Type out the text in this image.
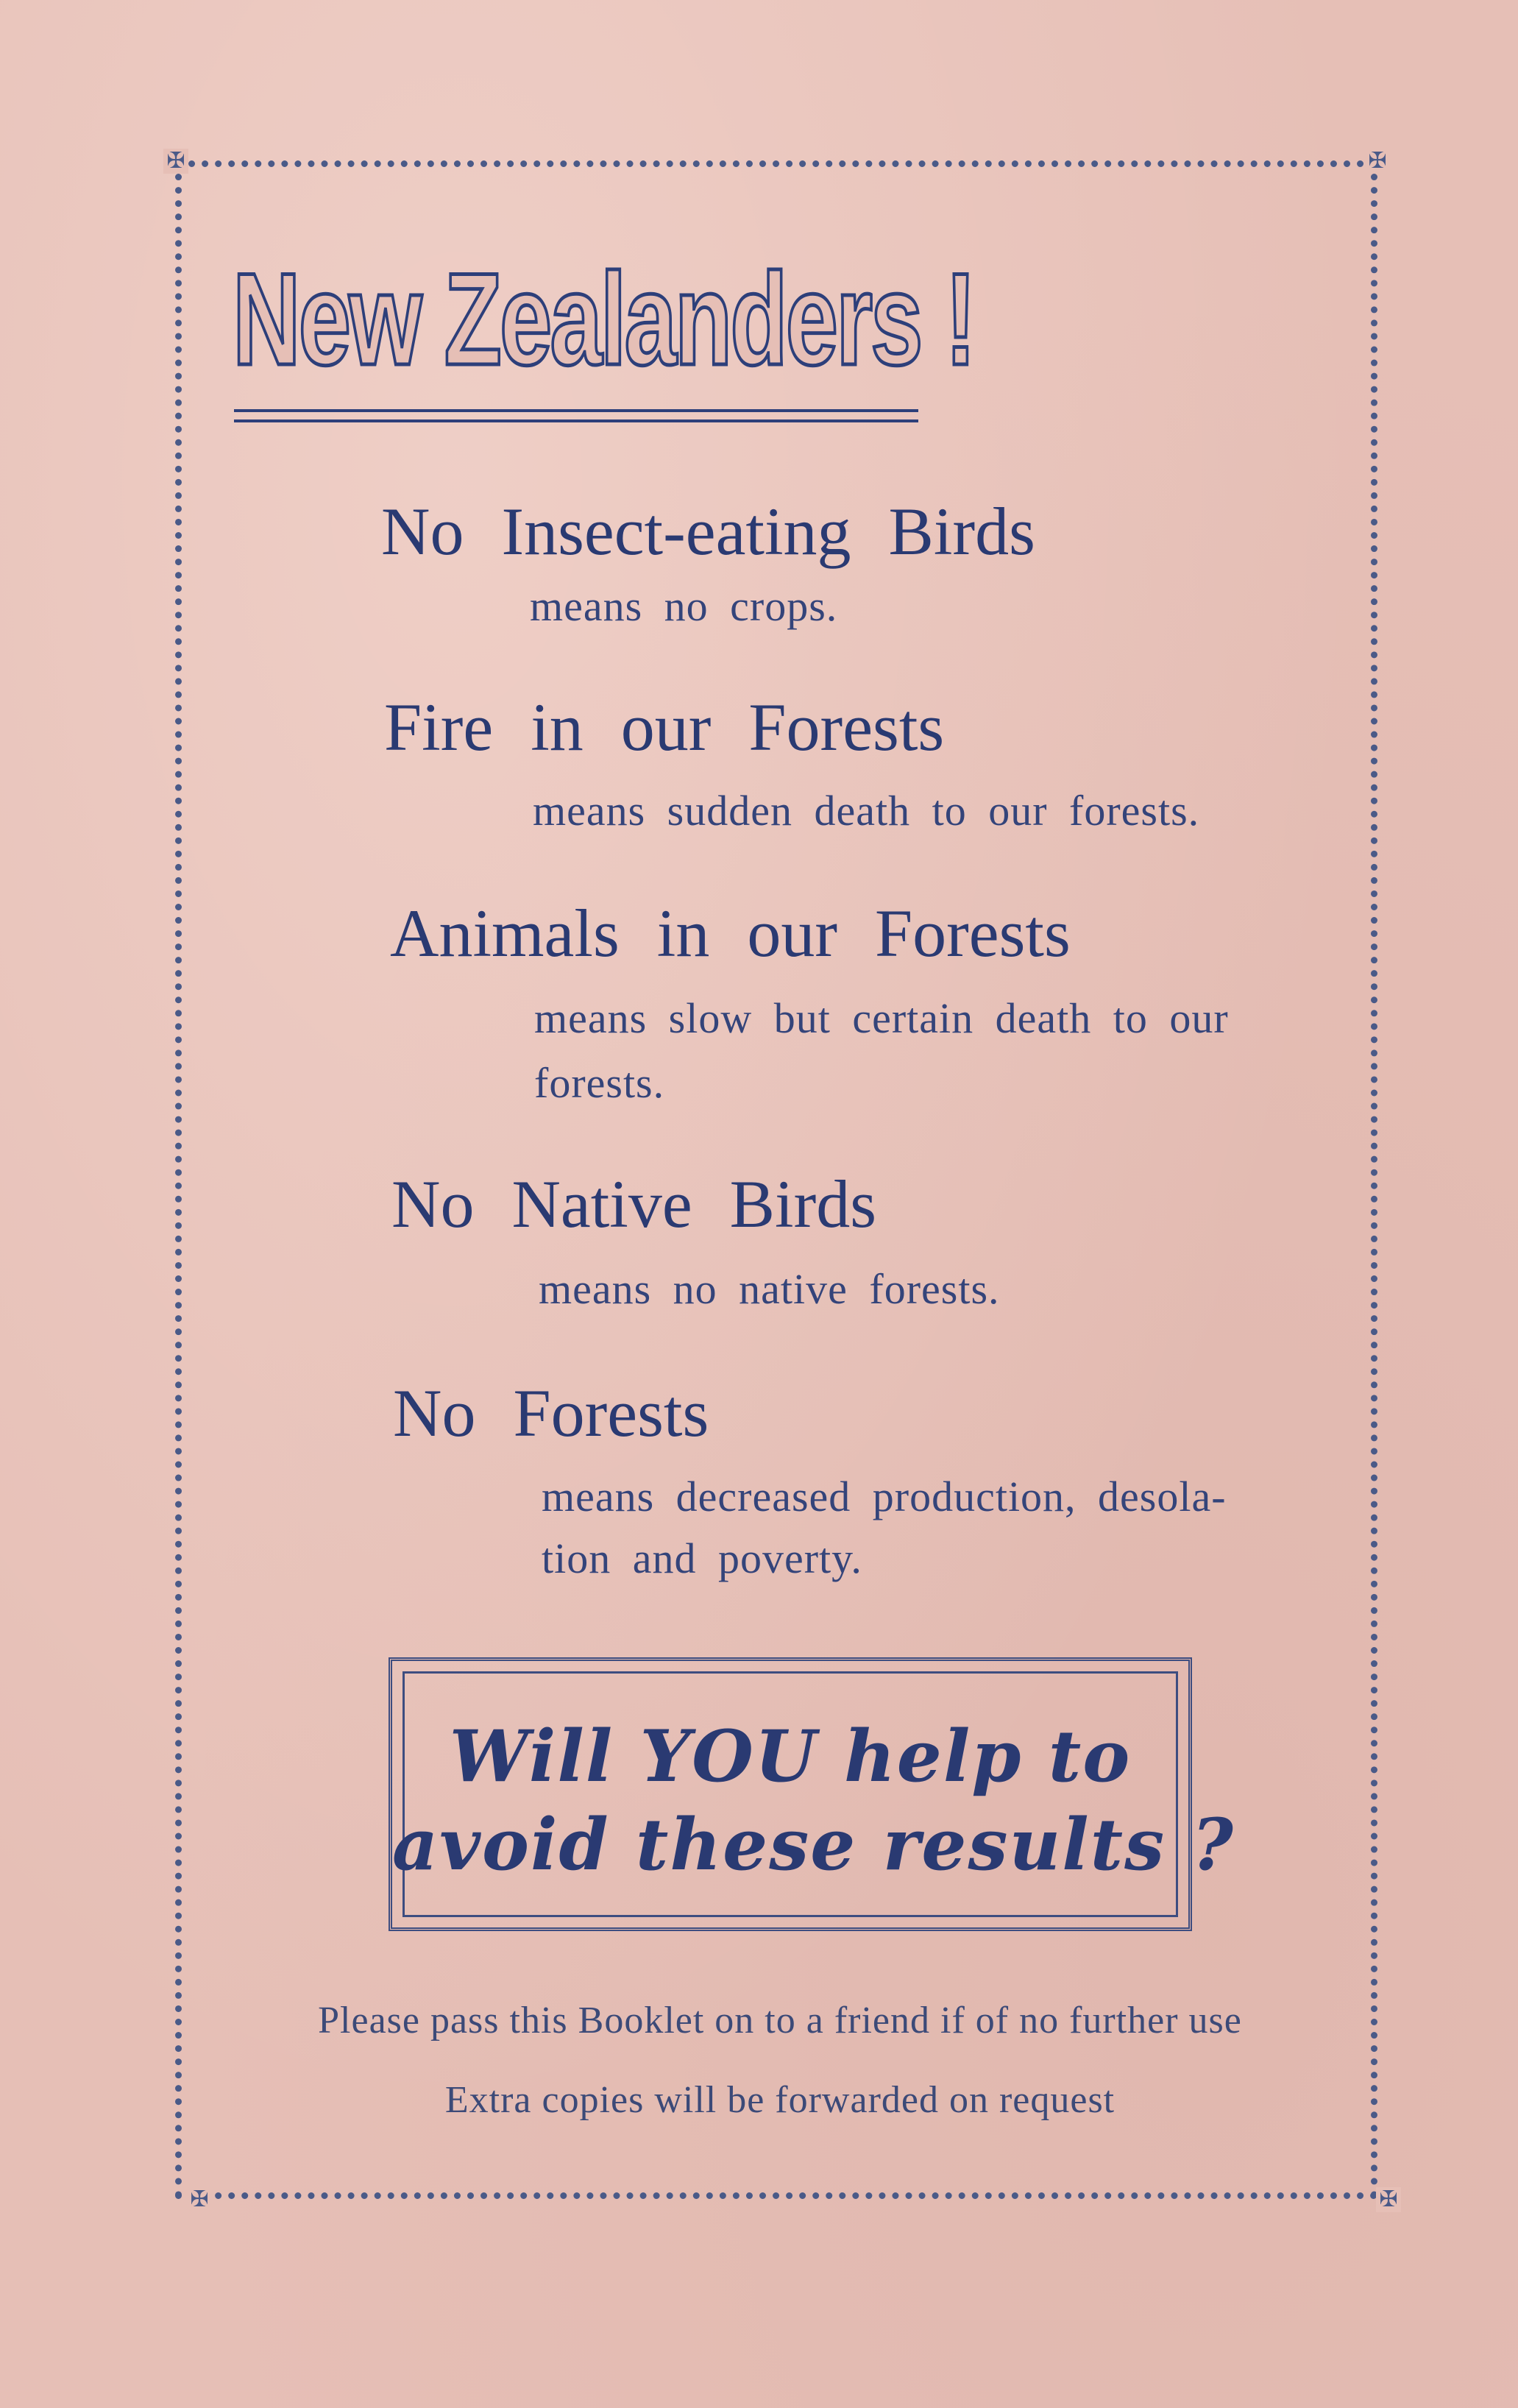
✠	✠
✠	✠
New Zealanders !
No Insect-eating Birds
means no crops.
Fire in our Forests
means sudden death to our forests.
Animals in our Forests
means slow but certain death to our
forests.
No Native Birds
means no native forests.
No Forests
means decreased production, desola-
tion and poverty.
Will YOU help to
avoid these results ?
Please pass this Booklet on to a friend if of no further use
Extra copies will be forwarded on request
